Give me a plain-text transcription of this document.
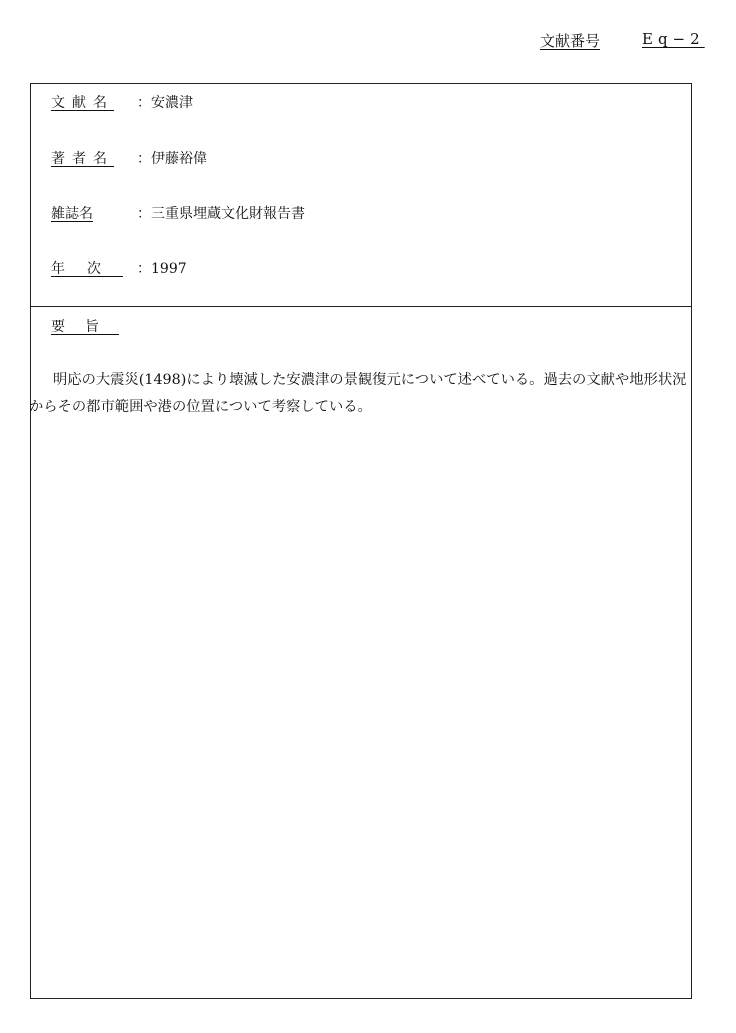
文献番号	Eq−2
文献名 ：安濃津
著者名 ：伊藤裕偉
雑誌名	：三重県埋蔵文化財報告書
年次 ：1997
要旨

明応の大震災(1498)により壊滅した安濃津の景観復元について述べている。過去の文献や地形状況からその都市範囲や港の位置について考察している。
